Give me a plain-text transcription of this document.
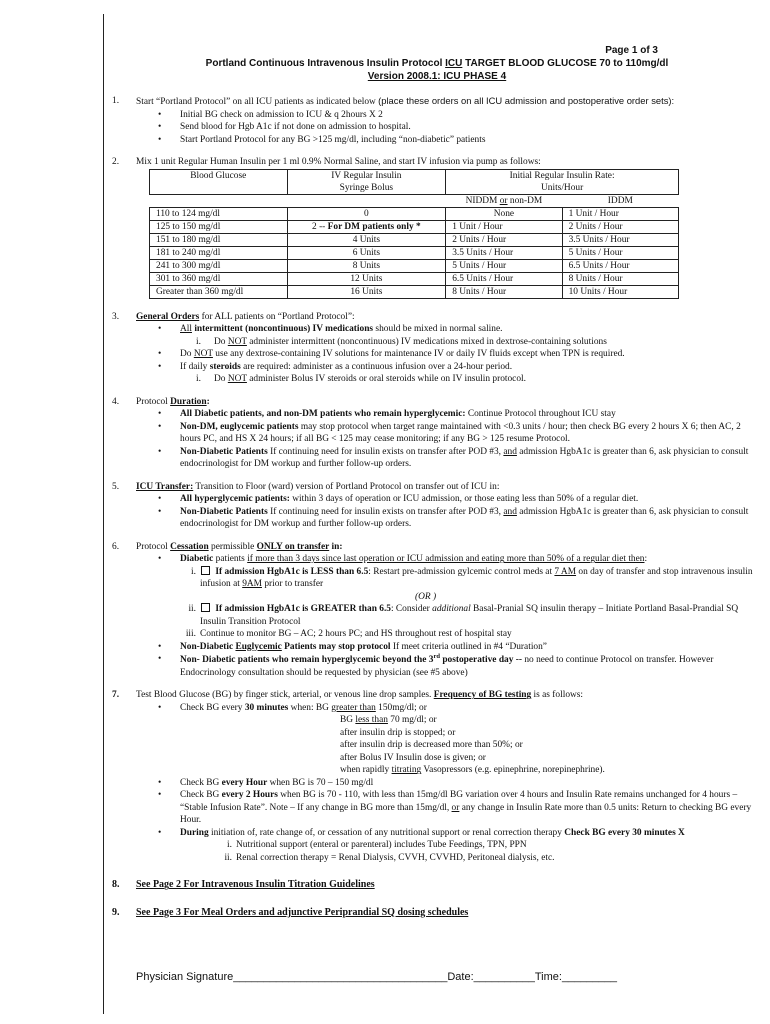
Page 1 of 3
Portland Continuous Intravenous Insulin Protocol ICU TARGET BLOOD GLUCOSE 70 to 110mg/dl
Version 2008.1: ICU PHASE 4
1. Start “Portland Protocol” on all ICU patients as indicated below (place these orders on all ICU admission and postoperative order sets):
• Initial BG check on admission to ICU & q 2hours X 2
• Send blood for Hgb A1c if not done on admission to hospital.
• Start Portland Protocol for any BG >125 mg/dl, including “non-diabetic” patients
2. Mix 1 unit Regular Human Insulin per 1 ml 0.9% Normal Saline, and start IV infusion via pump as follows:
Blood Glucose	IV Regular Insulin
Syringe Bolus	Initial Regular Insulin Rate:
Units/Hour	
		NIDDM or non-DM	IDDM
110 to 124 mg/dl	0	None	1 Unit / Hour
125 to 150 mg/dl	2 -- For DM patients only *	1 Unit / Hour	2 Units / Hour
151 to 180 mg/dl	4 Units	2 Units / Hour	3.5 Units / Hour
181 to 240 mg/dl	6 Units	3.5 Units / Hour	5 Units / Hour
241 to 300 mg/dl	8 Units	5 Units / Hour	6.5 Units / Hour
301 to 360 mg/dl	12 Units	6.5 Units / Hour	8 Units / Hour
Greater than 360 mg/dl	16 Units	8 Units / Hour	10 Units / Hour
3. General Orders for ALL patients on “Portland Protocol”:
• All intermittent (noncontinuous) IV medications should be mixed in normal saline.
i. Do NOT administer intermittent (noncontinuous) IV medications mixed in dextrose-containing solutions
• Do NOT use any dextrose-containing IV solutions for maintenance IV or daily IV fluids except when TPN is required.
• If daily steroids are required: administer as a continuous infusion over a 24-hour period.
i. Do NOT administer Bolus IV steroids or oral steroids while on IV insulin protocol.
4. Protocol Duration:
• All Diabetic patients, and non-DM patients who remain hyperglycemic: Continue Protocol throughout ICU stay
• Non-DM, euglycemic patients may stop protocol when target range maintained with <0.3 units / hour; then check BG every 2 hours X 6; then AC, 2 hours PC, and HS X 24 hours; if all BG < 125 may cease monitoring; if any BG > 125 resume Protocol.
• Non-Diabetic Patients If continuing need for insulin exists on transfer after POD #3, and admission HgbA1c is greater than 6, ask physician to consult endocrinologist for DM workup and further follow-up orders.
5. ICU Transfer: Transition to Floor (ward) version of Portland Protocol on transfer out of ICU in:
• All hyperglycemic patients: within 3 days of operation or ICU admission, or those eating less than 50% of a regular diet.
• Non-Diabetic Patients If continuing need for insulin exists on transfer after POD #3, and admission HgbA1c is greater than 6, ask physician to consult endocrinologist for DM workup and further follow-up orders.
6. Protocol Cessation permissible ONLY on transfer in:
• Diabetic patients if more than 3 days since last operation or ICU admission and eating more than 50% of a regular diet then:
i. If admission HgbA1c is LESS than 6.5: Restart pre-admission gylcemic control meds at 7 AM on day of transfer and stop intravenous insulin infusion at 9AM prior to transfer
(OR )
ii. If admission HgbA1c is GREATER than 6.5: Consider additional Basal-Pranial SQ insulin therapy – Initiate Portland Basal-Prandial SQ Insulin Transition Protocol
iii. Continue to monitor BG – AC; 2 hours PC; and HS throughout rest of hospital stay
• Non-Diabetic Euglycemic Patients may stop protocol If meet criteria outlined in #4 “Duration”
• Non- Diabetic patients who remain hyperglycemic beyond the 3rd postoperative day -- no need to continue Protocol on transfer. However Endocrinology consultation should be requested by physician (see #5 above)
7. Test Blood Glucose (BG) by finger stick, arterial, or venous line drop samples. Frequency of BG testing is as follows:
• Check BG every 30 minutes when: BG greater than 150mg/dl; or
BG less than 70 mg/dl; or
after insulin drip is stopped; or
after insulin drip is decreased more than 50%; or
after Bolus IV Insulin dose is given; or
when rapidly titrating Vasopressors (e.g. epinephrine, norepinephrine).
• Check BG every Hour when BG is 70 – 150 mg/dl
• Check BG every 2 Hours when BG is 70 - 110, with less than 15mg/dl BG variation over 4 hours and Insulin Rate remains unchanged for 4 hours – “Stable Infusion Rate”. Note – If any change in BG more than 15mg/dl, or any change in Insulin Rate more than 0.5 units: Return to checking BG every Hour.
• During initiation of, rate change of, or cessation of any nutritional support or renal correction therapy Check BG every 30 minutes X
i. Nutritional support (enteral or parenteral) includes Tube Feedings, TPN, PPN
ii. Renal correction therapy = Renal Dialysis, CVVH, CVVHD, Peritoneal dialysis, etc.
8. See Page 2 For Intravenous Insulin Titration Guidelines
9. See Page 3 For Meal Orders and adjunctive Periprandial SQ dosing schedules
Physician Signature___________________________________Date:__________Time:_________
